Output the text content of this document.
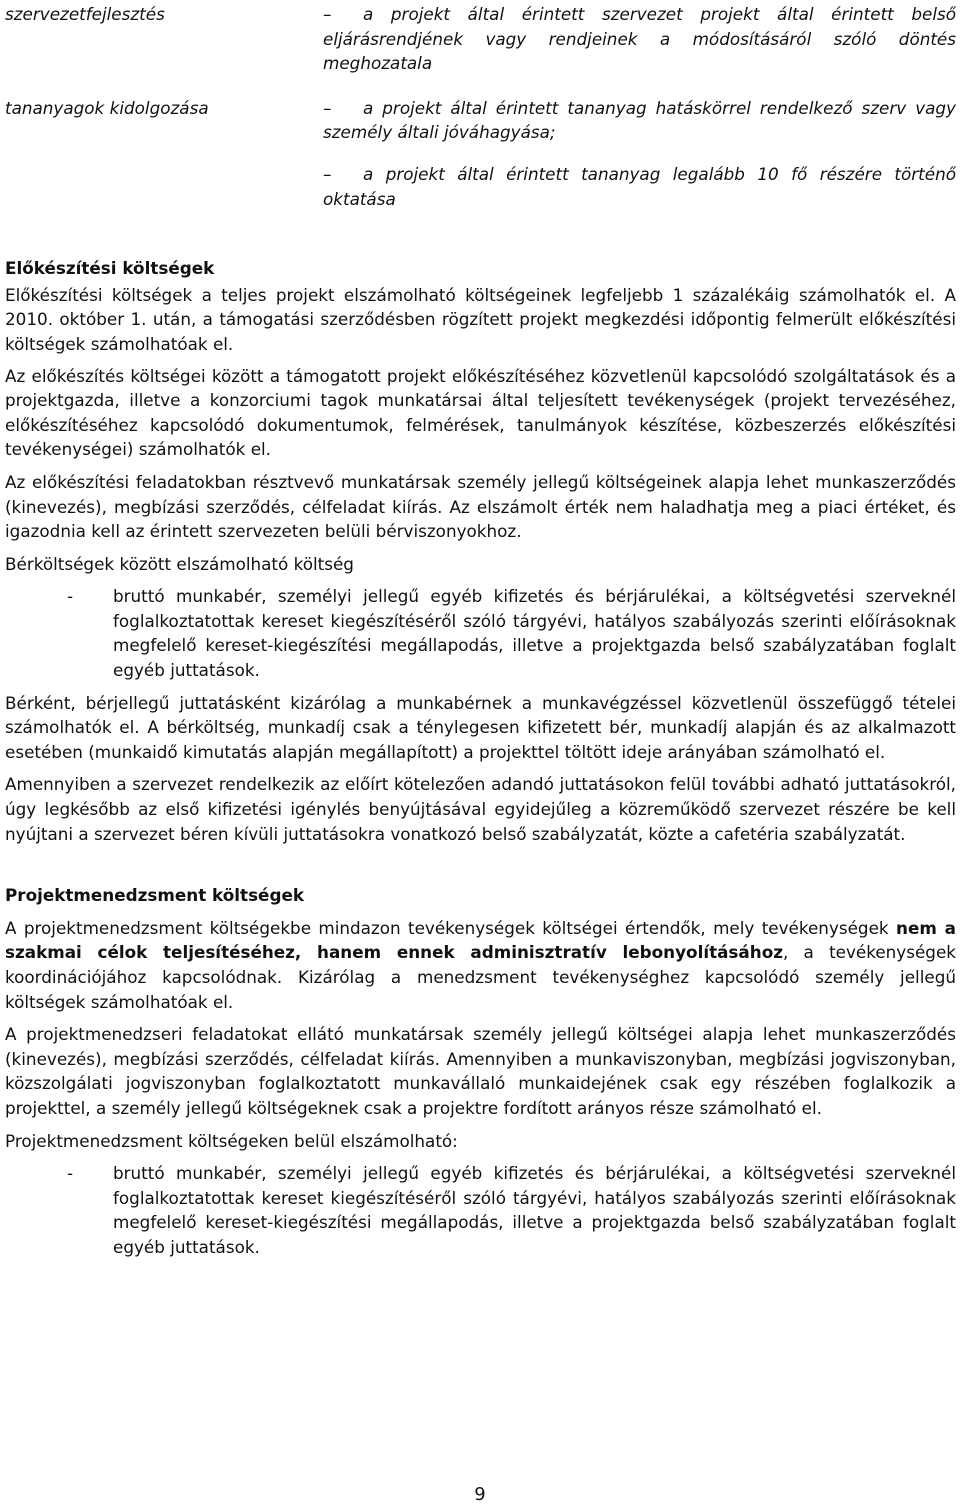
szervezetfejlesztés	– a projekt által érintett szervezet projekt által érintett belső eljárásrendjének vagy rendjeinek a módosításáról szóló döntés meghozatala
tananyagok kidolgozása	– a projekt által érintett tananyag hatáskörrel rendelkező szerv vagy személy általi jóváhagyása;
– a projekt által érintett tananyag legalább 10 fő részére történő oktatása
Előkészítési költségek

Előkészítési költségek a teljes projekt elszámolható költségeinek legfeljebb 1 százalékáig számolhatók el. A 2010. október 1. után, a támogatási szerződésben rögzített projekt megkezdési időpontig felmerült előkészítési költségek számolhatóak el.

Az előkészítés költségei között a támogatott projekt előkészítéséhez közvetlenül kapcsolódó szolgáltatások és a projektgazda, illetve a konzorciumi tagok munkatársai által teljesített tevékenységek (projekt tervezéséhez, előkészítéséhez kapcsolódó dokumentumok, felmérések, tanulmányok készítése, közbeszerzés előkészítési tevékenységei) számolhatók el.

Az előkészítési feladatokban résztvevő munkatársak személy jellegű költségeinek alapja lehet munkaszerződés (kinevezés), megbízási szerződés, célfeladat kiírás. Az elszámolt érték nem haladhatja meg a piaci értéket, és igazodnia kell az érintett szervezeten belüli bérviszonyokhoz.

Bérköltségek között elszámolható költség

-	bruttó munkabér, személyi jellegű egyéb kifizetés és bérjárulékai, a költségvetési szerveknél foglalkoztatottak kereset kiegészítéséről szóló tárgyévi, hatályos szabályozás szerinti előírásoknak megfelelő kereset-kiegészítési megállapodás, illetve a projektgazda belső szabályzatában foglalt egyéb juttatások.

Bérként, bérjellegű juttatásként kizárólag a munkabérnek a munkavégzéssel közvetlenül összefüggő tételei számolhatók el. A bérköltség, munkadíj csak a ténylegesen kifizetett bér, munkadíj alapján és az alkalmazott esetében (munkaidő kimutatás alapján megállapított) a projekttel töltött ideje arányában számolható el.

Amennyiben a szervezet rendelkezik az előírt kötelezően adandó juttatásokon felül további adható juttatásokról, úgy legkésőbb az első kifizetési igénylés benyújtásával egyidejűleg a közreműködő szervezet részére be kell nyújtani a szervezet béren kívüli juttatásokra vonatkozó belső szabályzatát, közte a cafetéria szabályzatát.

Projektmenedzsment költségek

A projektmenedzsment költségekbe mindazon tevékenységek költségei értendők, mely tevékenységek nem a szakmai célok teljesítéséhez, hanem ennek adminisztratív lebonyolításához, a tevékenységek koordinációjához kapcsolódnak. Kizárólag a menedzsment tevékenységhez kapcsolódó személy jellegű költségek számolhatóak el.

A projektmenedzseri feladatokat ellátó munkatársak személy jellegű költségei alapja lehet munkaszerződés (kinevezés), megbízási szerződés, célfeladat kiírás. Amennyiben a munkaviszonyban, megbízási jogviszonyban, közszolgálati jogviszonyban foglalkoztatott munkavállaló munkaidejének csak egy részében foglalkozik a projekttel, a személy jellegű költségeknek csak a projektre fordított arányos része számolható el.

Projektmenedzsment költségeken belül elszámolható:

-	bruttó munkabér, személyi jellegű egyéb kifizetés és bérjárulékai, a költségvetési szerveknél foglalkoztatottak kereset kiegészítéséről szóló tárgyévi, hatályos szabályozás szerinti előírásoknak megfelelő kereset-kiegészítési megállapodás, illetve a projektgazda belső szabályzatában foglalt egyéb juttatások.
9
